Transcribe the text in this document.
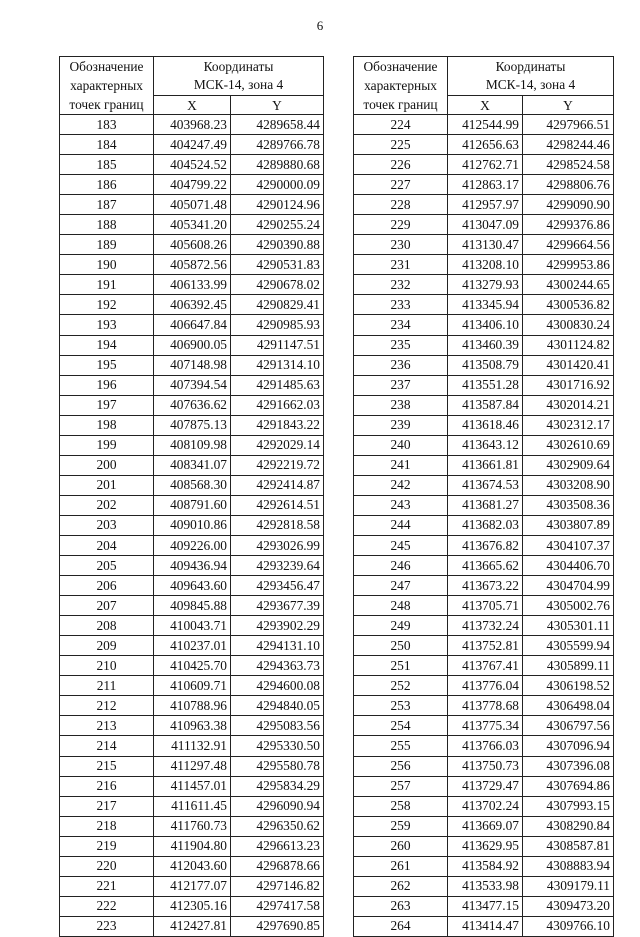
6
Обозначение
характерных
точек границ	Координаты
МСК-14, зона 4	
	X	Y
183	403968.23	4289658.44
184	404247.49	4289766.78
185	404524.52	4289880.68
186	404799.22	4290000.09
187	405071.48	4290124.96
188	405341.20	4290255.24
189	405608.26	4290390.88
190	405872.56	4290531.83
191	406133.99	4290678.02
192	406392.45	4290829.41
193	406647.84	4290985.93
194	406900.05	4291147.51
195	407148.98	4291314.10
196	407394.54	4291485.63
197	407636.62	4291662.03
198	407875.13	4291843.22
199	408109.98	4292029.14
200	408341.07	4292219.72
201	408568.30	4292414.87
202	408791.60	4292614.51
203	409010.86	4292818.58
204	409226.00	4293026.99
205	409436.94	4293239.64
206	409643.60	4293456.47
207	409845.88	4293677.39
208	410043.71	4293902.29
209	410237.01	4294131.10
210	410425.70	4294363.73
211	410609.71	4294600.08
212	410788.96	4294840.05
213	410963.38	4295083.56
214	411132.91	4295330.50
215	411297.48	4295580.78
216	411457.01	4295834.29
217	411611.45	4296090.94
218	411760.73	4296350.62
219	411904.80	4296613.23
220	412043.60	4296878.66
221	412177.07	4297146.82
222	412305.16	4297417.58
223	412427.81	4297690.85
Обозначение
характерных
точек границ	Координаты
МСК-14, зона 4	
	X	Y
224	412544.99	4297966.51
225	412656.63	4298244.46
226	412762.71	4298524.58
227	412863.17	4298806.76
228	412957.97	4299090.90
229	413047.09	4299376.86
230	413130.47	4299664.56
231	413208.10	4299953.86
232	413279.93	4300244.65
233	413345.94	4300536.82
234	413406.10	4300830.24
235	413460.39	4301124.82
236	413508.79	4301420.41
237	413551.28	4301716.92
238	413587.84	4302014.21
239	413618.46	4302312.17
240	413643.12	4302610.69
241	413661.81	4302909.64
242	413674.53	4303208.90
243	413681.27	4303508.36
244	413682.03	4303807.89
245	413676.82	4304107.37
246	413665.62	4304406.70
247	413673.22	4304704.99
248	413705.71	4305002.76
249	413732.24	4305301.11
250	413752.81	4305599.94
251	413767.41	4305899.11
252	413776.04	4306198.52
253	413778.68	4306498.04
254	413775.34	4306797.56
255	413766.03	4307096.94
256	413750.73	4307396.08
257	413729.47	4307694.86
258	413702.24	4307993.15
259	413669.07	4308290.84
260	413629.95	4308587.81
261	413584.92	4308883.94
262	413533.98	4309179.11
263	413477.15	4309473.20
264	413414.47	4309766.10
